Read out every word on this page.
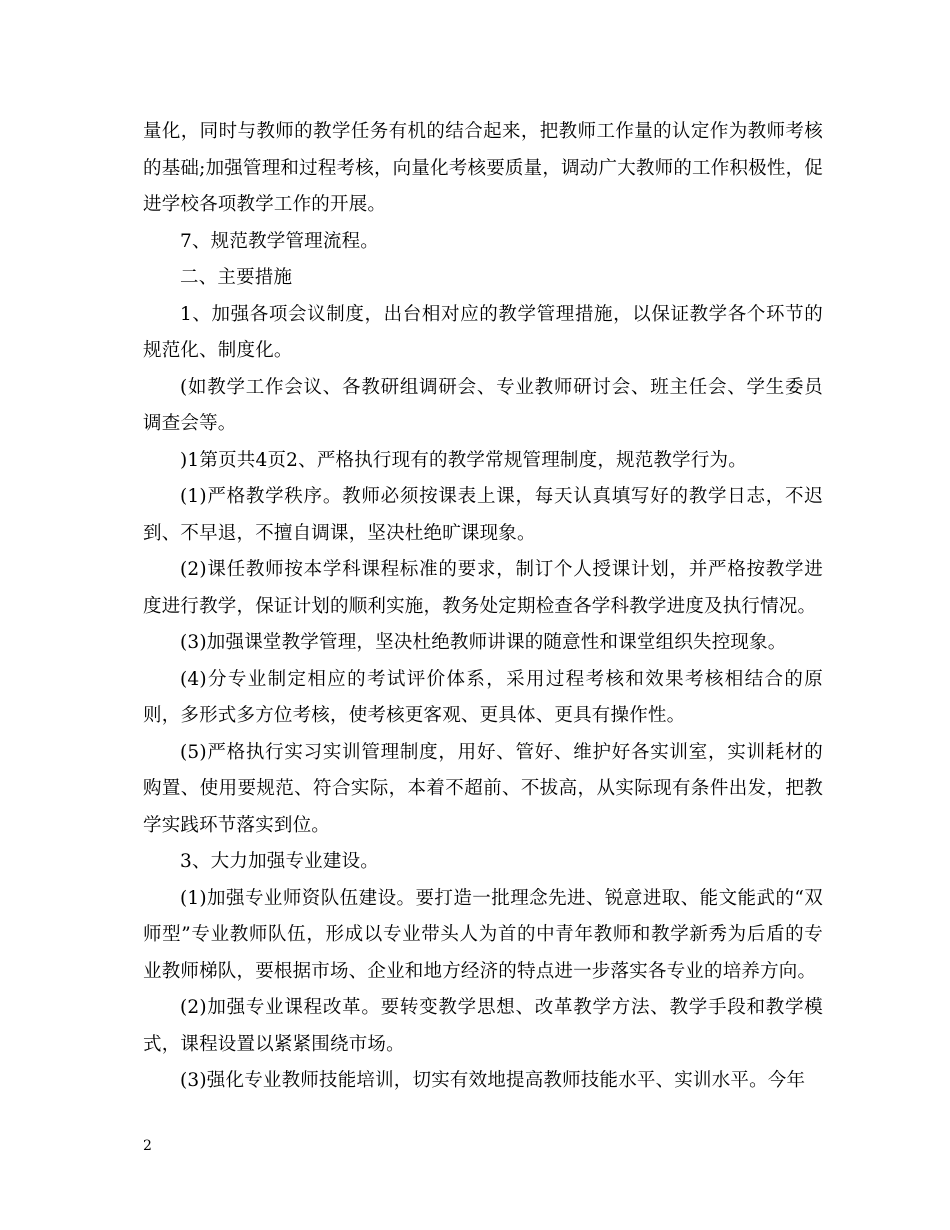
量化，同时与教师的教学任务有机的结合起来，把教师工作量的认定作为教师考核的基础;加强管理和过程考核，向量化考核要质量，调动广大教师的工作积极性，促进学校各项教学工作的开展。

7、规范教学管理流程。

二、主要措施

1、加强各项会议制度，出台相对应的教学管理措施，以保证教学各个环节的规范化、制度化。

(如教学工作会议、各教研组调研会、专业教师研讨会、班主任会、学生委员调查会等。

)1第页共4页2、严格执行现有的教学常规管理制度，规范教学行为。

(1)严格教学秩序。教师必须按课表上课，每天认真填写好的教学日志，不迟到、不早退，不擅自调课，坚决杜绝旷课现象。

(2)课任教师按本学科课程标准的要求，制订个人授课计划，并严格按教学进度进行教学，保证计划的顺利实施，教务处定期检查各学科教学进度及执行情况。

(3)加强课堂教学管理，坚决杜绝教师讲课的随意性和课堂组织失控现象。

(4)分专业制定相应的考试评价体系，采用过程考核和效果考核相结合的原则，多形式多方位考核，使考核更客观、更具体、更具有操作性。

(5)严格执行实习实训管理制度，用好、管好、维护好各实训室，实训耗材的购置、使用要规范、符合实际，本着不超前、不拔高，从实际现有条件出发，把教学实践环节落实到位。

3、大力加强专业建设。

(1)加强专业师资队伍建设。要打造一批理念先进、锐意进取、能文能武的“双师型”专业教师队伍，形成以专业带头人为首的中青年教师和教学新秀为后盾的专业教师梯队，要根据市场、企业和地方经济的特点进一步落实各专业的培养方向。

(2)加强专业课程改革。要转变教学思想、改革教学方法、教学手段和教学模式，课程设置以紧紧围绕市场。

(3)强化专业教师技能培训，切实有效地提高教师技能水平、实训水平。今年

2
